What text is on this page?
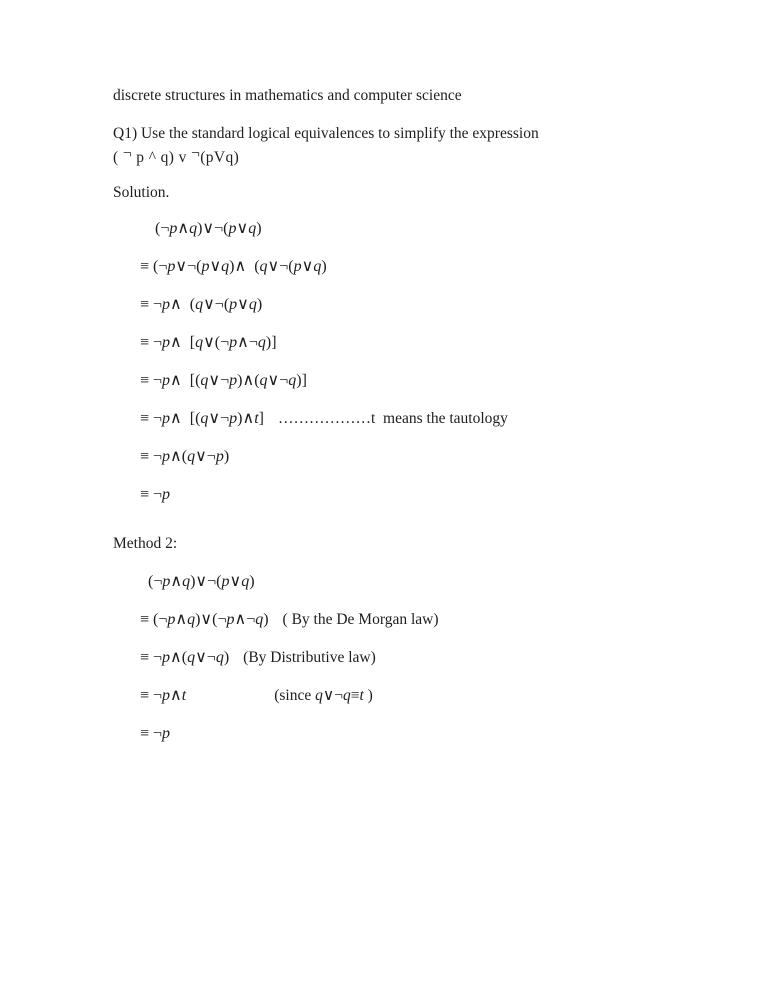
discrete structures in mathematics and computer science

Q1) Use the standard logical equivalences to simplify the expression
( ¬ p ^ q) v ¬(pVq)

Solution.

(¬p∧q)∨¬(p∨q)
≡ (¬p∨¬(p∨q)∧  (q∨¬(p∨q)
≡ ¬p∧  (q∨¬(p∨q)
≡ ¬p∧  [q∨(¬p∧¬q)]
≡ ¬p∧  [(q∨¬p)∧(q∨¬q)]
≡ ¬p∧  [(q∨¬p)∧t] ………………t  means the tautology
≡ ¬p∧(q∨¬p)
≡ ¬p

Method 2:

(¬p∧q)∨¬(p∨q)
≡ (¬p∧q)∨(¬p∧¬q) ( By the De Morgan law)
≡ ¬p∧(q∨¬q) (By Distributive law)
≡ ¬p∧t	(since q∨¬q≡t )
≡ ¬p
